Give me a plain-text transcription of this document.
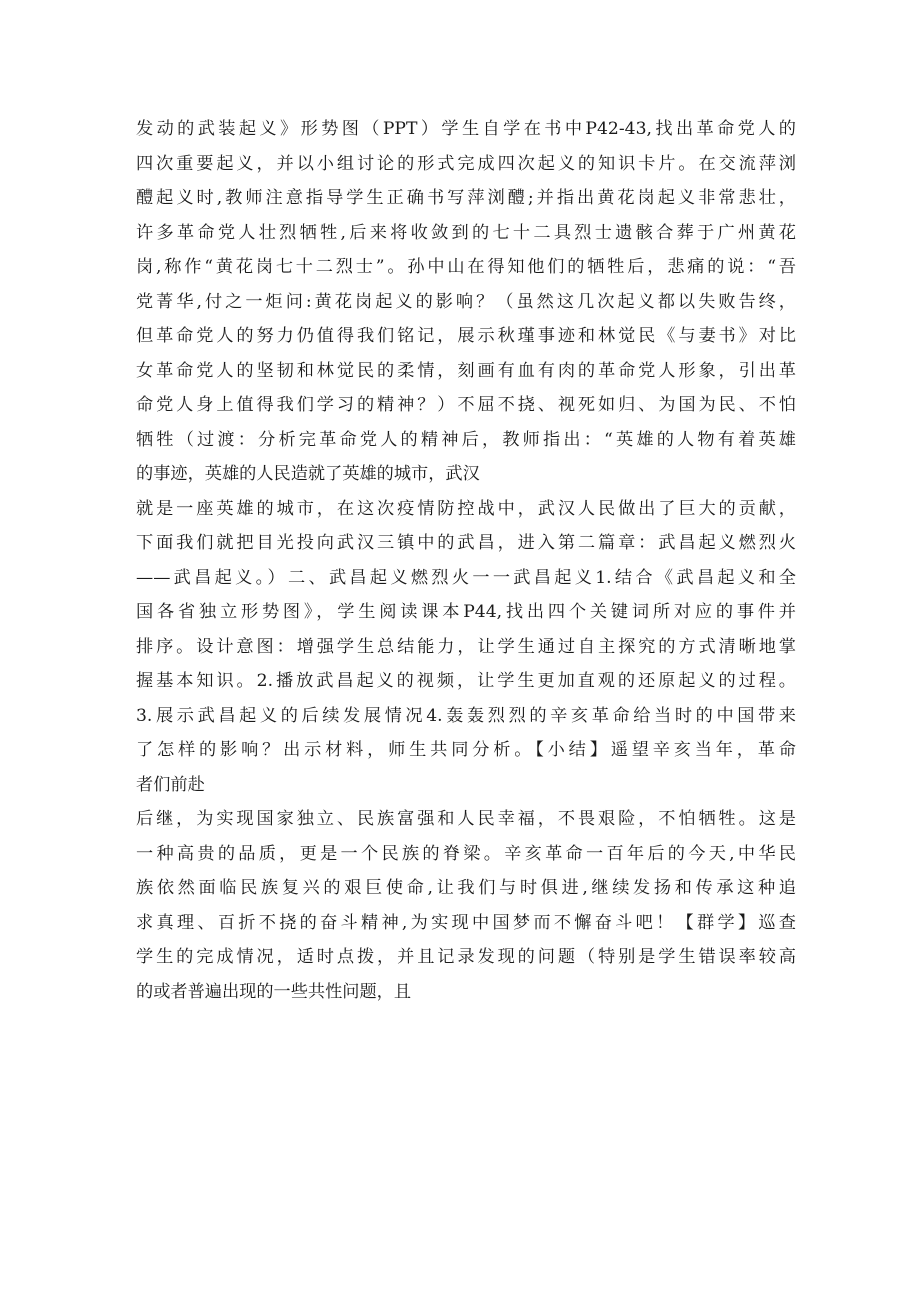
发动的武装起义》形势图（PPT）学生自学在书中P42-43,找出革命党人的
四次重要起义，并以小组讨论的形式完成四次起义的知识卡片。在交流萍浏
醴起义时,教师注意指导学生正确书写萍浏醴;并指出黄花岗起义非常悲壮，
许多革命党人壮烈牺牲,后来将收敛到的七十二具烈士遗骸合葬于广州黄花
岗,称作“黄花岗七十二烈士”。孙中山在得知他们的牺牲后，悲痛的说：“吾
党菁华,付之一炬问:黄花岗起义的影响？（虽然这几次起义都以失败告终，
但革命党人的努力仍值得我们铭记，展示秋瑾事迹和林觉民《与妻书》对比
女革命党人的坚韧和林觉民的柔情，刻画有血有肉的革命党人形象，引出革
命党人身上值得我们学习的精神？）不屈不挠、视死如归、为国为民、不怕
牺牲（过渡：分析完革命党人的精神后，教师指出：“英雄的人物有着英雄
的事迹，英雄的人民造就了英雄的城市，武汉
就是一座英雄的城市，在这次疫情防控战中，武汉人民做出了巨大的贡献，
下面我们就把目光投向武汉三镇中的武昌，进入第二篇章：武昌起义燃烈火
——武昌起义。）二、武昌起义燃烈火一一武昌起义1.结合《武昌起义和全
国各省独立形势图》，学生阅读课本P44,找出四个关键词所对应的事件并
排序。设计意图：增强学生总结能力，让学生通过自主探究的方式清晰地掌
握基本知识。2.播放武昌起义的视频，让学生更加直观的还原起义的过程。
3.展示武昌起义的后续发展情况4.轰轰烈烈的辛亥革命给当时的中国带来
了怎样的影响？出示材料，师生共同分析。【小结】遥望辛亥当年，革命
者们前赴
后继，为实现国家独立、民族富强和人民幸福，不畏艰险，不怕牺牲。这是
一种高贵的品质，更是一个民族的脊梁。辛亥革命一百年后的今天,中华民
族依然面临民族复兴的艰巨使命,让我们与时俱进,继续发扬和传承这种追
求真理、百折不挠的奋斗精神,为实现中国梦而不懈奋斗吧！【群学】巡查
学生的完成情况，适时点拨，并且记录发现的问题（特别是学生错误率较高
的或者普遍出现的一些共性问题，且
